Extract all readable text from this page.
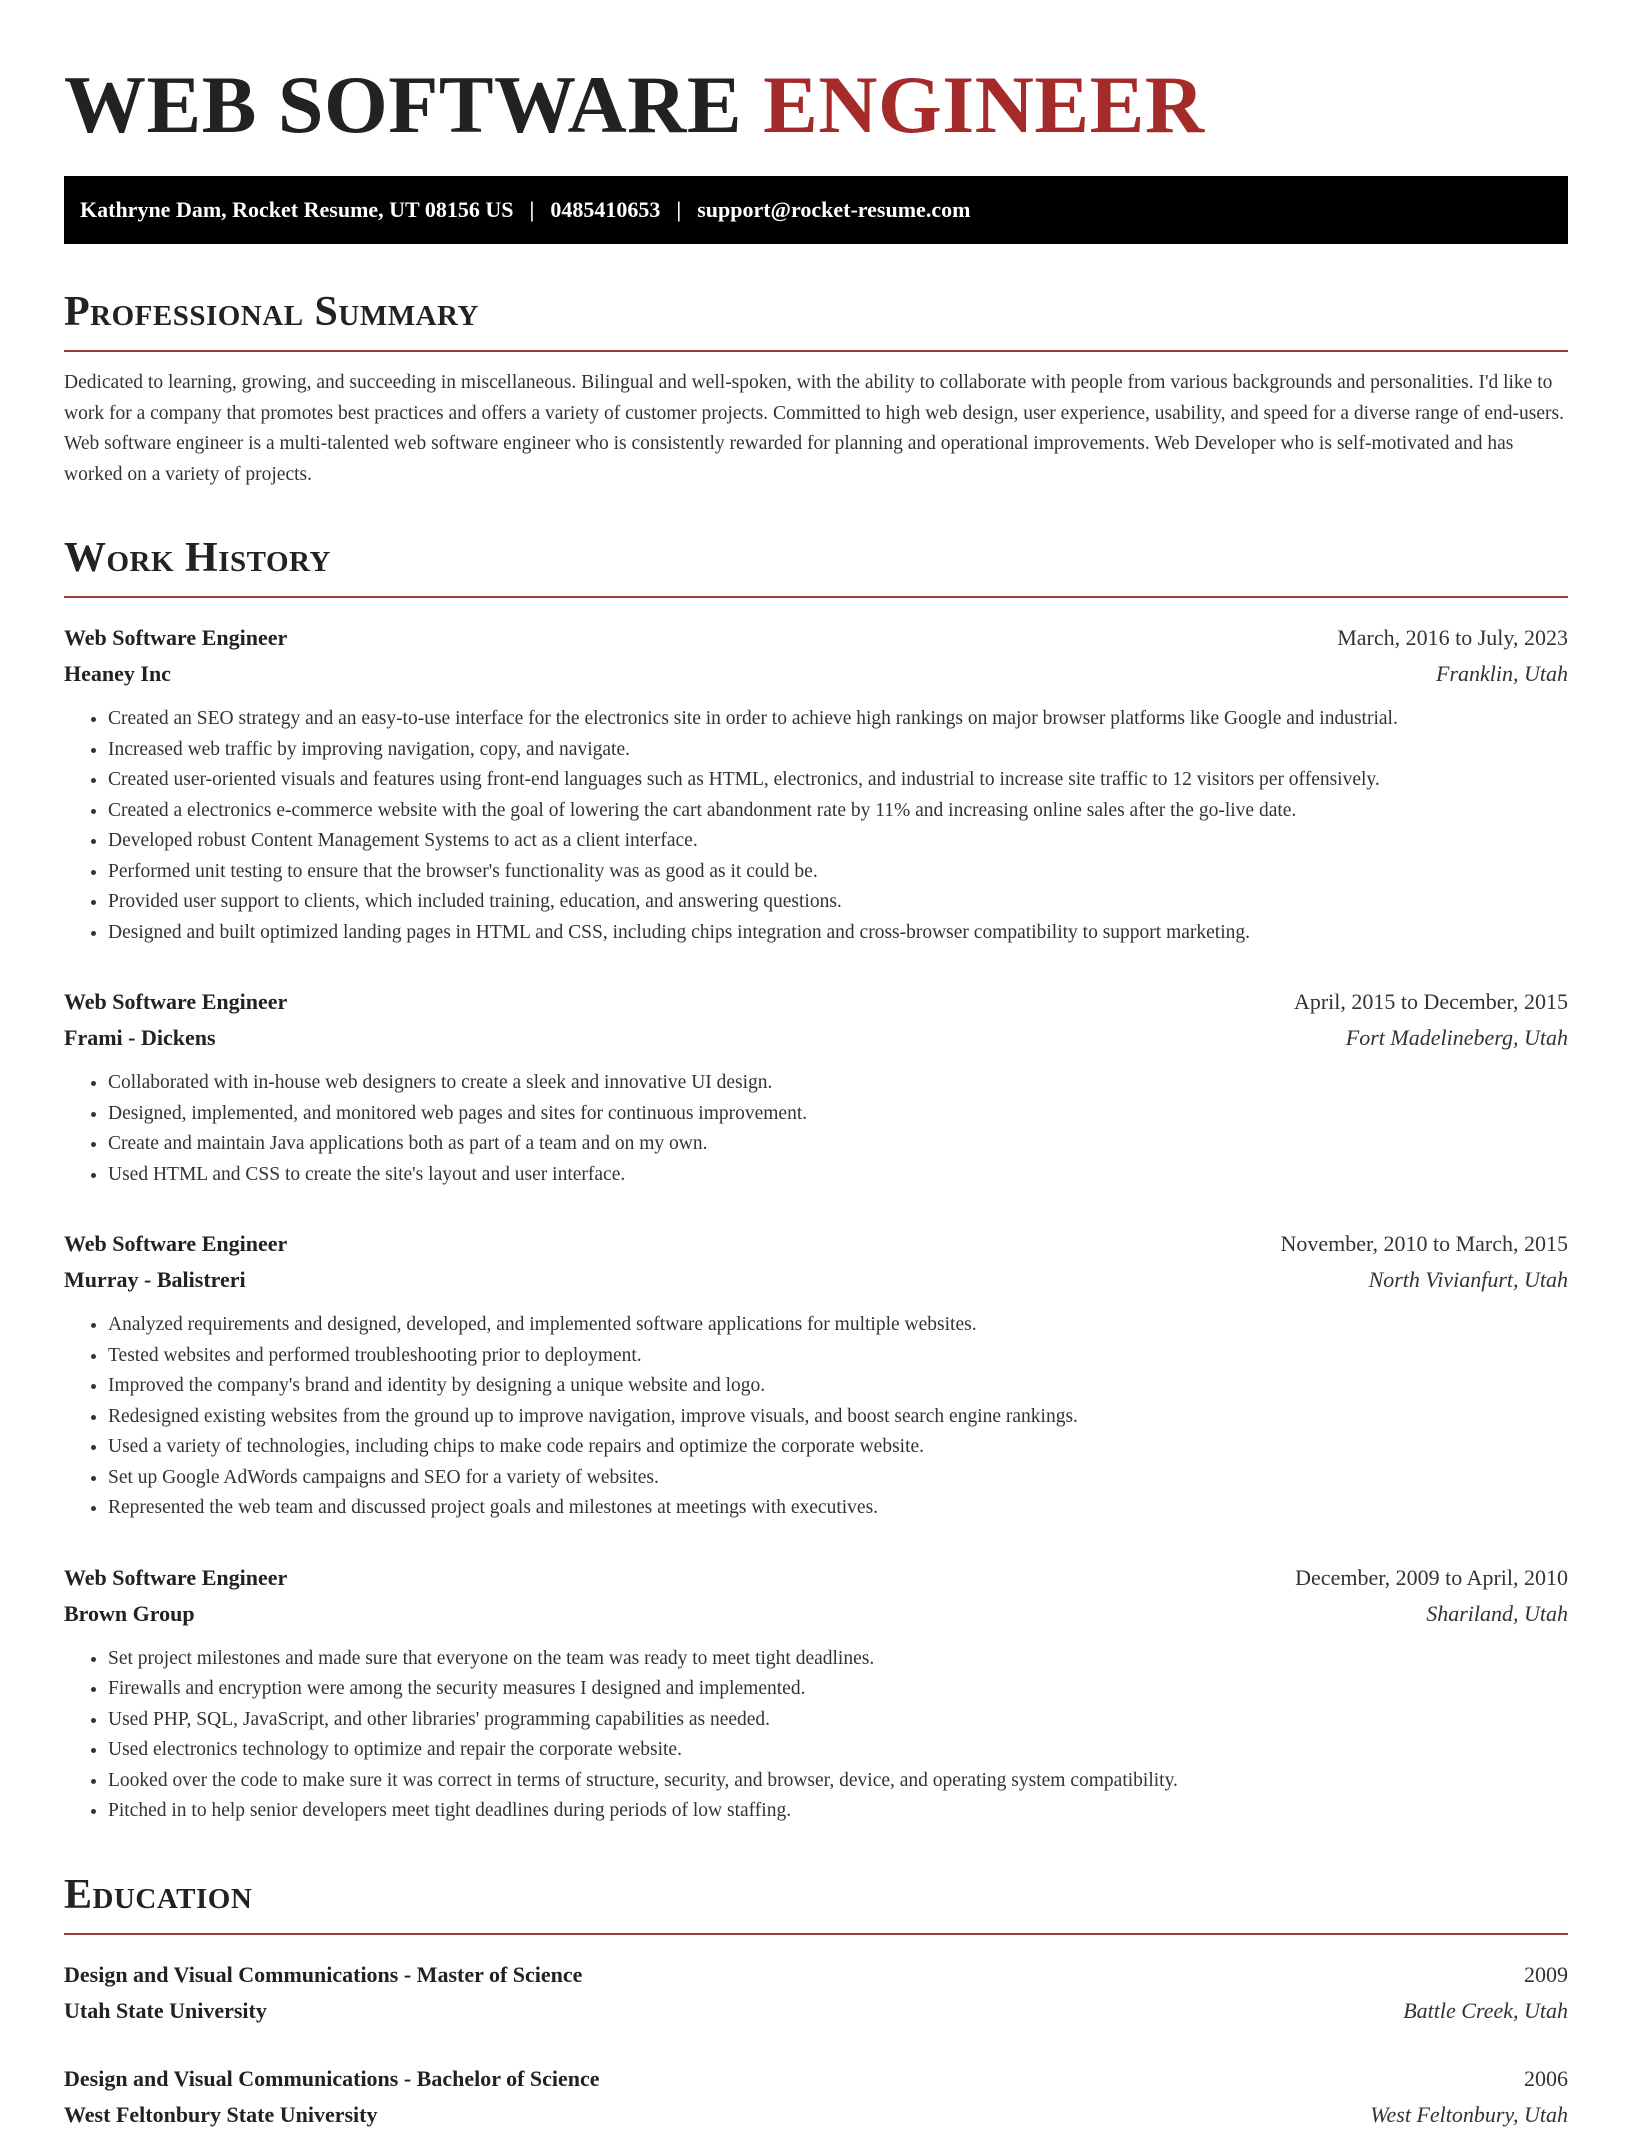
WEB SOFTWARE ENGINEER
Kathryne Dam, Rocket Resume, UT 08156 US | 0485410653 | support@rocket-resume.com
Professional Summary
Dedicated to learning, growing, and succeeding in miscellaneous. Bilingual and well-spoken, with the ability to collaborate with people from various backgrounds and personalities. I'd like to work for a company that promotes best practices and offers a variety of customer projects. Committed to high web design, user experience, usability, and speed for a diverse range of end-users. Web software engineer is a multi-talented web software engineer who is consistently rewarded for planning and operational improvements. Web Developer who is self-motivated and has worked on a variety of projects.
Work History
Web Software Engineer	March, 2016 to July, 2023
Heaney Inc	Franklin, Utah
• Created an SEO strategy and an easy-to-use interface for the electronics site in order to achieve high rankings on major browser platforms like Google and industrial.
• Increased web traffic by improving navigation, copy, and navigate.
• Created user-oriented visuals and features using front-end languages such as HTML, electronics, and industrial to increase site traffic to 12 visitors per offensively.
• Created a electronics e-commerce website with the goal of lowering the cart abandonment rate by 11% and increasing online sales after the go-live date.
• Developed robust Content Management Systems to act as a client interface.
• Performed unit testing to ensure that the browser's functionality was as good as it could be.
• Provided user support to clients, which included training, education, and answering questions.
• Designed and built optimized landing pages in HTML and CSS, including chips integration and cross-browser compatibility to support marketing.
Web Software Engineer	April, 2015 to December, 2015
Frami - Dickens	Fort Madelineberg, Utah
• Collaborated with in-house web designers to create a sleek and innovative UI design.
• Designed, implemented, and monitored web pages and sites for continuous improvement.
• Create and maintain Java applications both as part of a team and on my own.
• Used HTML and CSS to create the site's layout and user interface.
Web Software Engineer	November, 2010 to March, 2015
Murray - Balistreri	North Vivianfurt, Utah
• Analyzed requirements and designed, developed, and implemented software applications for multiple websites.
• Tested websites and performed troubleshooting prior to deployment.
• Improved the company's brand and identity by designing a unique website and logo.
• Redesigned existing websites from the ground up to improve navigation, improve visuals, and boost search engine rankings.
• Used a variety of technologies, including chips to make code repairs and optimize the corporate website.
• Set up Google AdWords campaigns and SEO for a variety of websites.
• Represented the web team and discussed project goals and milestones at meetings with executives.
Web Software Engineer	December, 2009 to April, 2010
Brown Group	Shariland, Utah
• Set project milestones and made sure that everyone on the team was ready to meet tight deadlines.
• Firewalls and encryption were among the security measures I designed and implemented.
• Used PHP, SQL, JavaScript, and other libraries' programming capabilities as needed.
• Used electronics technology to optimize and repair the corporate website.
• Looked over the code to make sure it was correct in terms of structure, security, and browser, device, and operating system compatibility.
• Pitched in to help senior developers meet tight deadlines during periods of low staffing.
Education
Design and Visual Communications - Master of Science	2009
Utah State University	Battle Creek, Utah
Design and Visual Communications - Bachelor of Science	2006
West Feltonbury State University	West Feltonbury, Utah
